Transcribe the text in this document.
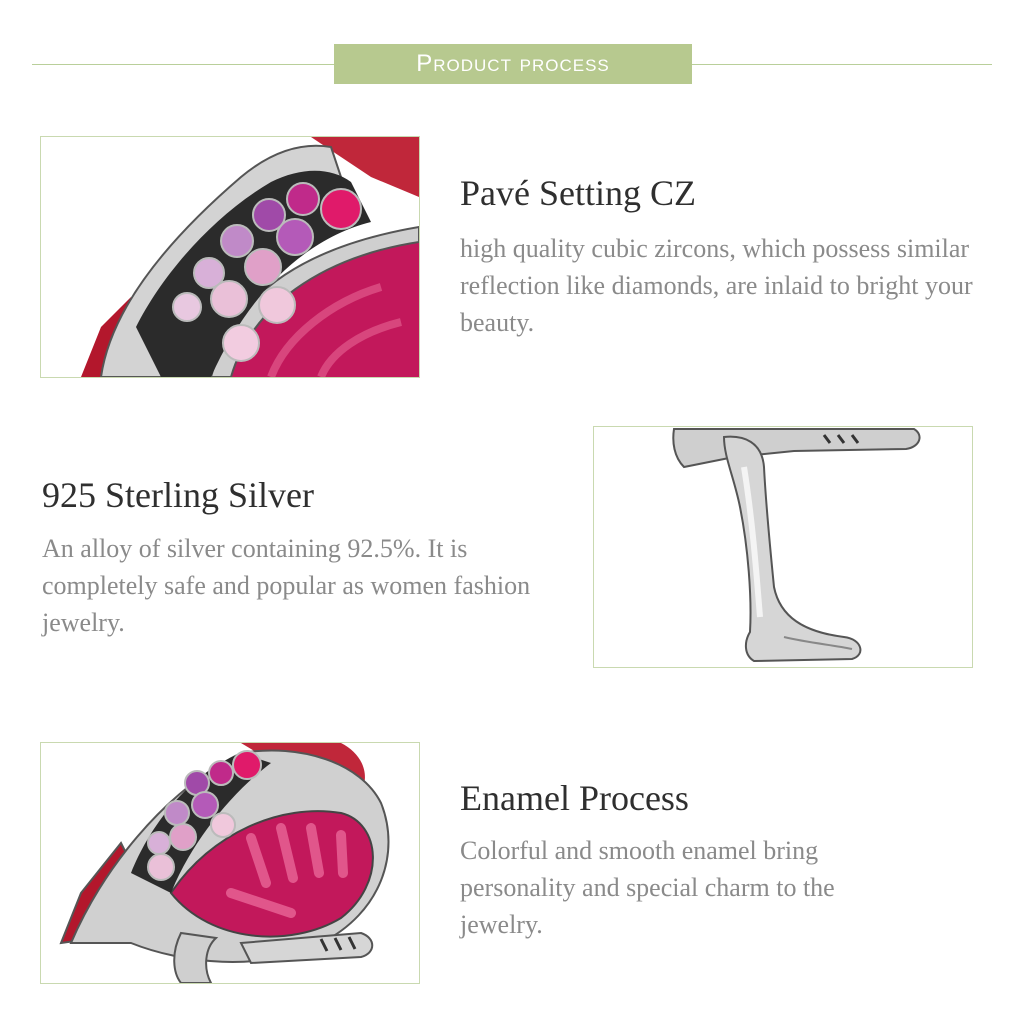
Product process
Pavé Setting CZ
high quality cubic zircons, which possess similar reflection like diamonds, are inlaid to bright your beauty.
925 Sterling Silver
An alloy of silver containing 92.5%. It is completely safe and popular as women fashion jewelry.
Enamel Process
Colorful and smooth enamel bring personality and special charm to the jewelry.
